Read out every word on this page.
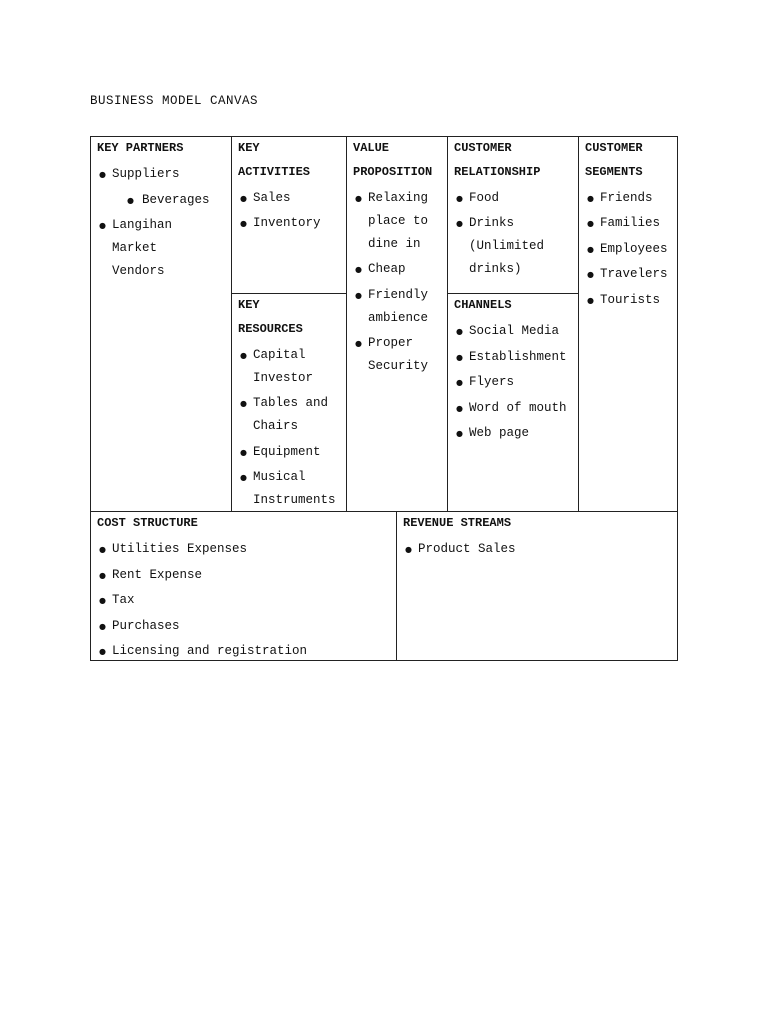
BUSINESS MODEL CANVAS
KEY PARTNERS
● Suppliers
● Beverages
● Langihan
Market
Vendors
KEY
ACTIVITIES
● Sales
● Inventory
KEY
RESOURCES
● Capital
Investor
● Tables and
Chairs
● Equipment
● Musical
Instruments
VALUE
PROPOSITION
● Relaxing
place to
dine in
● Cheap
● Friendly
ambience
● Proper
Security
CUSTOMER
RELATIONSHIP
● Food
● Drinks
(Unlimited
drinks)
CHANNELS
● Social Media
● Establishment
● Flyers
● Word of mouth
● Web page
CUSTOMER
SEGMENTS
● Friends
● Families
● Employees
● Travelers
● Tourists
COST STRUCTURE
● Utilities Expenses
● Rent Expense
● Tax
● Purchases
● Licensing and registration
REVENUE STREAMS
● Product Sales
